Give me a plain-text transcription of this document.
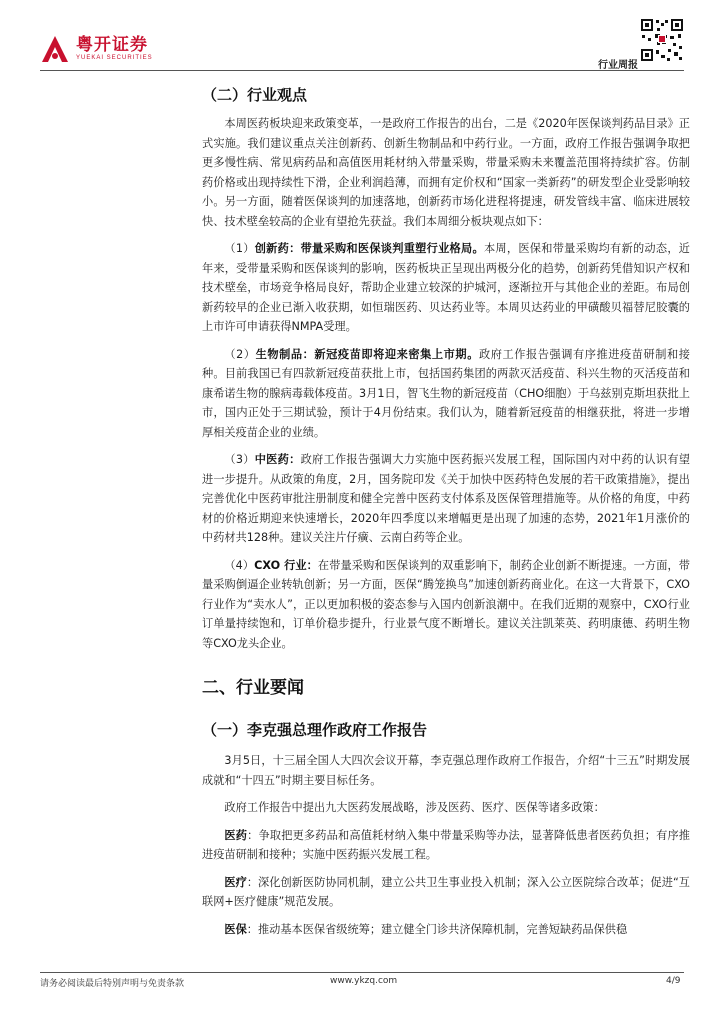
粤开证券
YUEKAI SECURITIES
行业周报
（二）行业观点

本周医药板块迎来政策变革，一是政府工作报告的出台，二是《2020年医保谈判药品目录》正式实施。我们建议重点关注创新药、创新生物制品和中药行业。一方面，政府工作报告强调争取把更多慢性病、常见病药品和高值医用耗材纳入带量采购，带量采购未来覆盖范围将持续扩容。仿制药价格或出现持续性下滑，企业利润趋薄，而拥有定价权和“国家一类新药”的研发型企业受影响较小。另一方面，随着医保谈判的加速落地，创新药市场化进程将提速，研发管线丰富、临床进展较快、技术壁垒较高的企业有望抢先获益。我们本周细分板块观点如下：

（1）创新药：带量采购和医保谈判重塑行业格局。本周，医保和带量采购均有新的动态，近年来，受带量采购和医保谈判的影响，医药板块正呈现出两极分化的趋势，创新药凭借知识产权和技术壁垒，市场竞争格局良好，帮助企业建立较深的护城河，逐渐拉开与其他企业的差距。布局创新药较早的企业已渐入收获期，如恒瑞医药、贝达药业等。本周贝达药业的甲磺酸贝福替尼胶囊的上市许可申请获得NMPA受理。

（2）生物制品：新冠疫苗即将迎来密集上市期。政府工作报告强调有序推进疫苗研制和接种。目前我国已有四款新冠疫苗获批上市，包括国药集团的两款灭活疫苗、科兴生物的灭活疫苗和康希诺生物的腺病毒载体疫苗。3月1日，智飞生物的新冠疫苗（CHO细胞）于乌兹别克斯坦获批上市，国内正处于三期试验，预计于4月份结束。我们认为，随着新冠疫苗的相继获批，将进一步增厚相关疫苗企业的业绩。

（3）中医药：政府工作报告强调大力实施中医药振兴发展工程，国际国内对中药的认识有望进一步提升。从政策的角度，2月，国务院印发《关于加快中医药特色发展的若干政策措施》，提出完善优化中医药审批注册制度和健全完善中医药支付体系及医保管理措施等。从价格的角度，中药材的价格近期迎来快速增长，2020年四季度以来增幅更是出现了加速的态势，2021年1月涨价的中药材共128种。建议关注片仔癀、云南白药等企业。

（4）CXO 行业：在带量采购和医保谈判的双重影响下，制药企业创新不断提速。一方面，带量采购倒逼企业转轨创新；另一方面，医保“腾笼换鸟”加速创新药商业化。在这一大背景下，CXO行业作为“卖水人”，正以更加积极的姿态参与入国内创新浪潮中。在我们近期的观察中，CXO行业订单量持续饱和，订单价稳步提升，行业景气度不断增长。建议关注凯莱英、药明康德、药明生物等CXO龙头企业。

二、行业要闻
（一）李克强总理作政府工作报告

3月5日，十三届全国人大四次会议开幕，李克强总理作政府工作报告，介绍“十三五”时期发展成就和“十四五”时期主要目标任务。

政府工作报告中提出九大医药发展战略，涉及医药、医疗、医保等诸多政策：

医药：争取把更多药品和高值耗材纳入集中带量采购等办法，显著降低患者医药负担；有序推进疫苗研制和接种；实施中医药振兴发展工程。

医疗：深化创新医防协同机制，建立公共卫生事业投入机制；深入公立医院综合改革；促进“互联网+医疗健康”规范发展。

医保：推动基本医保省级统筹；建立健全门诊共济保障机制，完善短缺药品保供稳

请务必阅读最后特别声明与免责条款	www.ykzq.com	4/9
